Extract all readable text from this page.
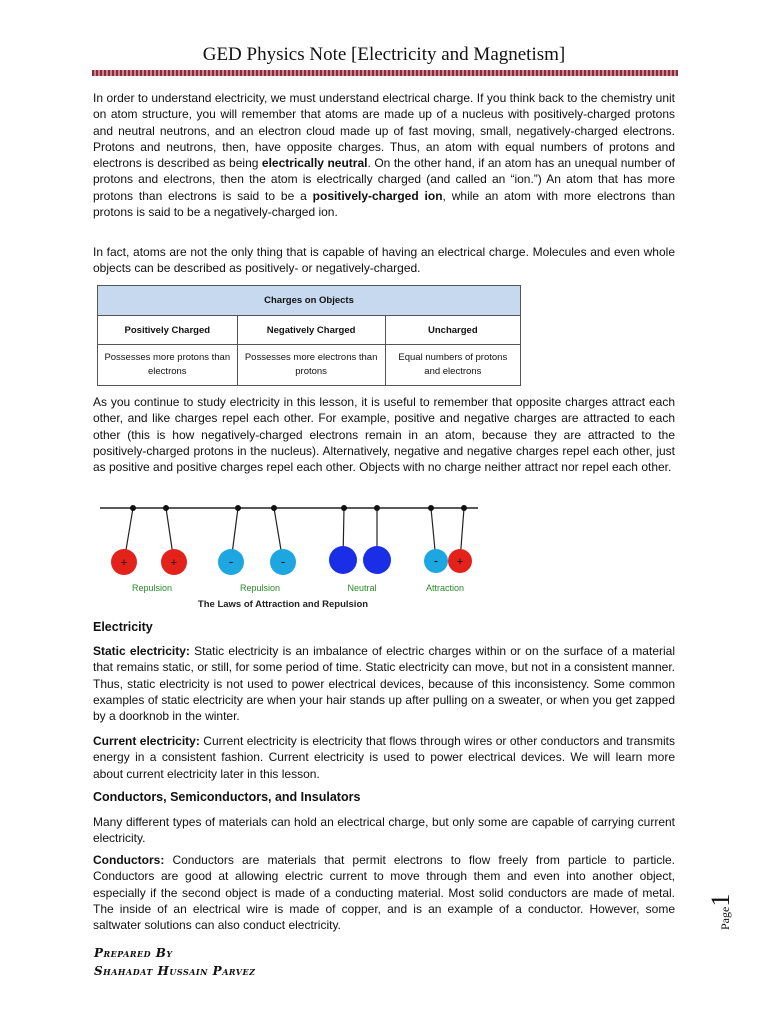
GED Physics Note [Electricity and Magnetism]

In order to understand electricity, we must understand electrical charge. If you think back to the chemistry unit on atom structure, you will remember that atoms are made up of a nucleus with positively-charged protons and neutral neutrons, and an electron cloud made up of fast moving, small, negatively-charged electrons. Protons and neutrons, then, have opposite charges. Thus, an atom with equal numbers of protons and electrons is described as being electrically neutral. On the other hand, if an atom has an unequal number of protons and electrons, then the atom is electrically charged (and called an “ion.”) An atom that has more protons than electrons is said to be a positively-charged ion, while an atom with more electrons than protons is said to be a negatively-charged ion.

In fact, atoms are not the only thing that is capable of having an electrical charge. Molecules and even whole objects can be described as positively- or negatively-charged.

Charges on Objects		
Positively Charged	Negatively Charged	Uncharged
Possesses more protons than electrons	Possesses more electrons than protons	Equal numbers of protons and electrons

As you continue to study electricity in this lesson, it is useful to remember that opposite charges attract each other, and like charges repel each other. For example, positive and negative charges are attracted to each other (this is how negatively-charged electrons remain in an atom, because they are attracted to the positively-charged protons in the nucleus). Alternatively, negative and negative charges repel each other, just as positive and positive charges repel each other. Objects with no charge neither attract nor repel each other.

+	+	-	-	- +
Repulsion	Repulsion	Neutral	Attraction
The Laws of Attraction and Repulsion

Electricity

Static electricity: Static electricity is an imbalance of electric charges within or on the surface of a material that remains static, or still, for some period of time. Static electricity can move, but not in a consistent manner. Thus, static electricity is not used to power electrical devices, because of this inconsistency. Some common examples of static electricity are when your hair stands up after pulling on a sweater, or when you get zapped by a doorknob in the winter.

Current electricity: Current electricity is electricity that flows through wires or other conductors and transmits energy in a consistent fashion. Current electricity is used to power electrical devices. We will learn more about current electricity later in this lesson.

Conductors, Semiconductors, and Insulators

Many different types of materials can hold an electrical charge, but only some are capable of carrying current electricity.

Conductors: Conductors are materials that permit electrons to flow freely from particle to particle. Conductors are good at allowing electric current to move through them and even into another object, especially if the second object is made of a conducting material. Most solid conductors are made of metal. The inside of an electrical wire is made of copper, and is an example of a conductor. However, some saltwater solutions can also conduct electricity.

Prepared By
Shahadat Hussain Parvez
Page1
